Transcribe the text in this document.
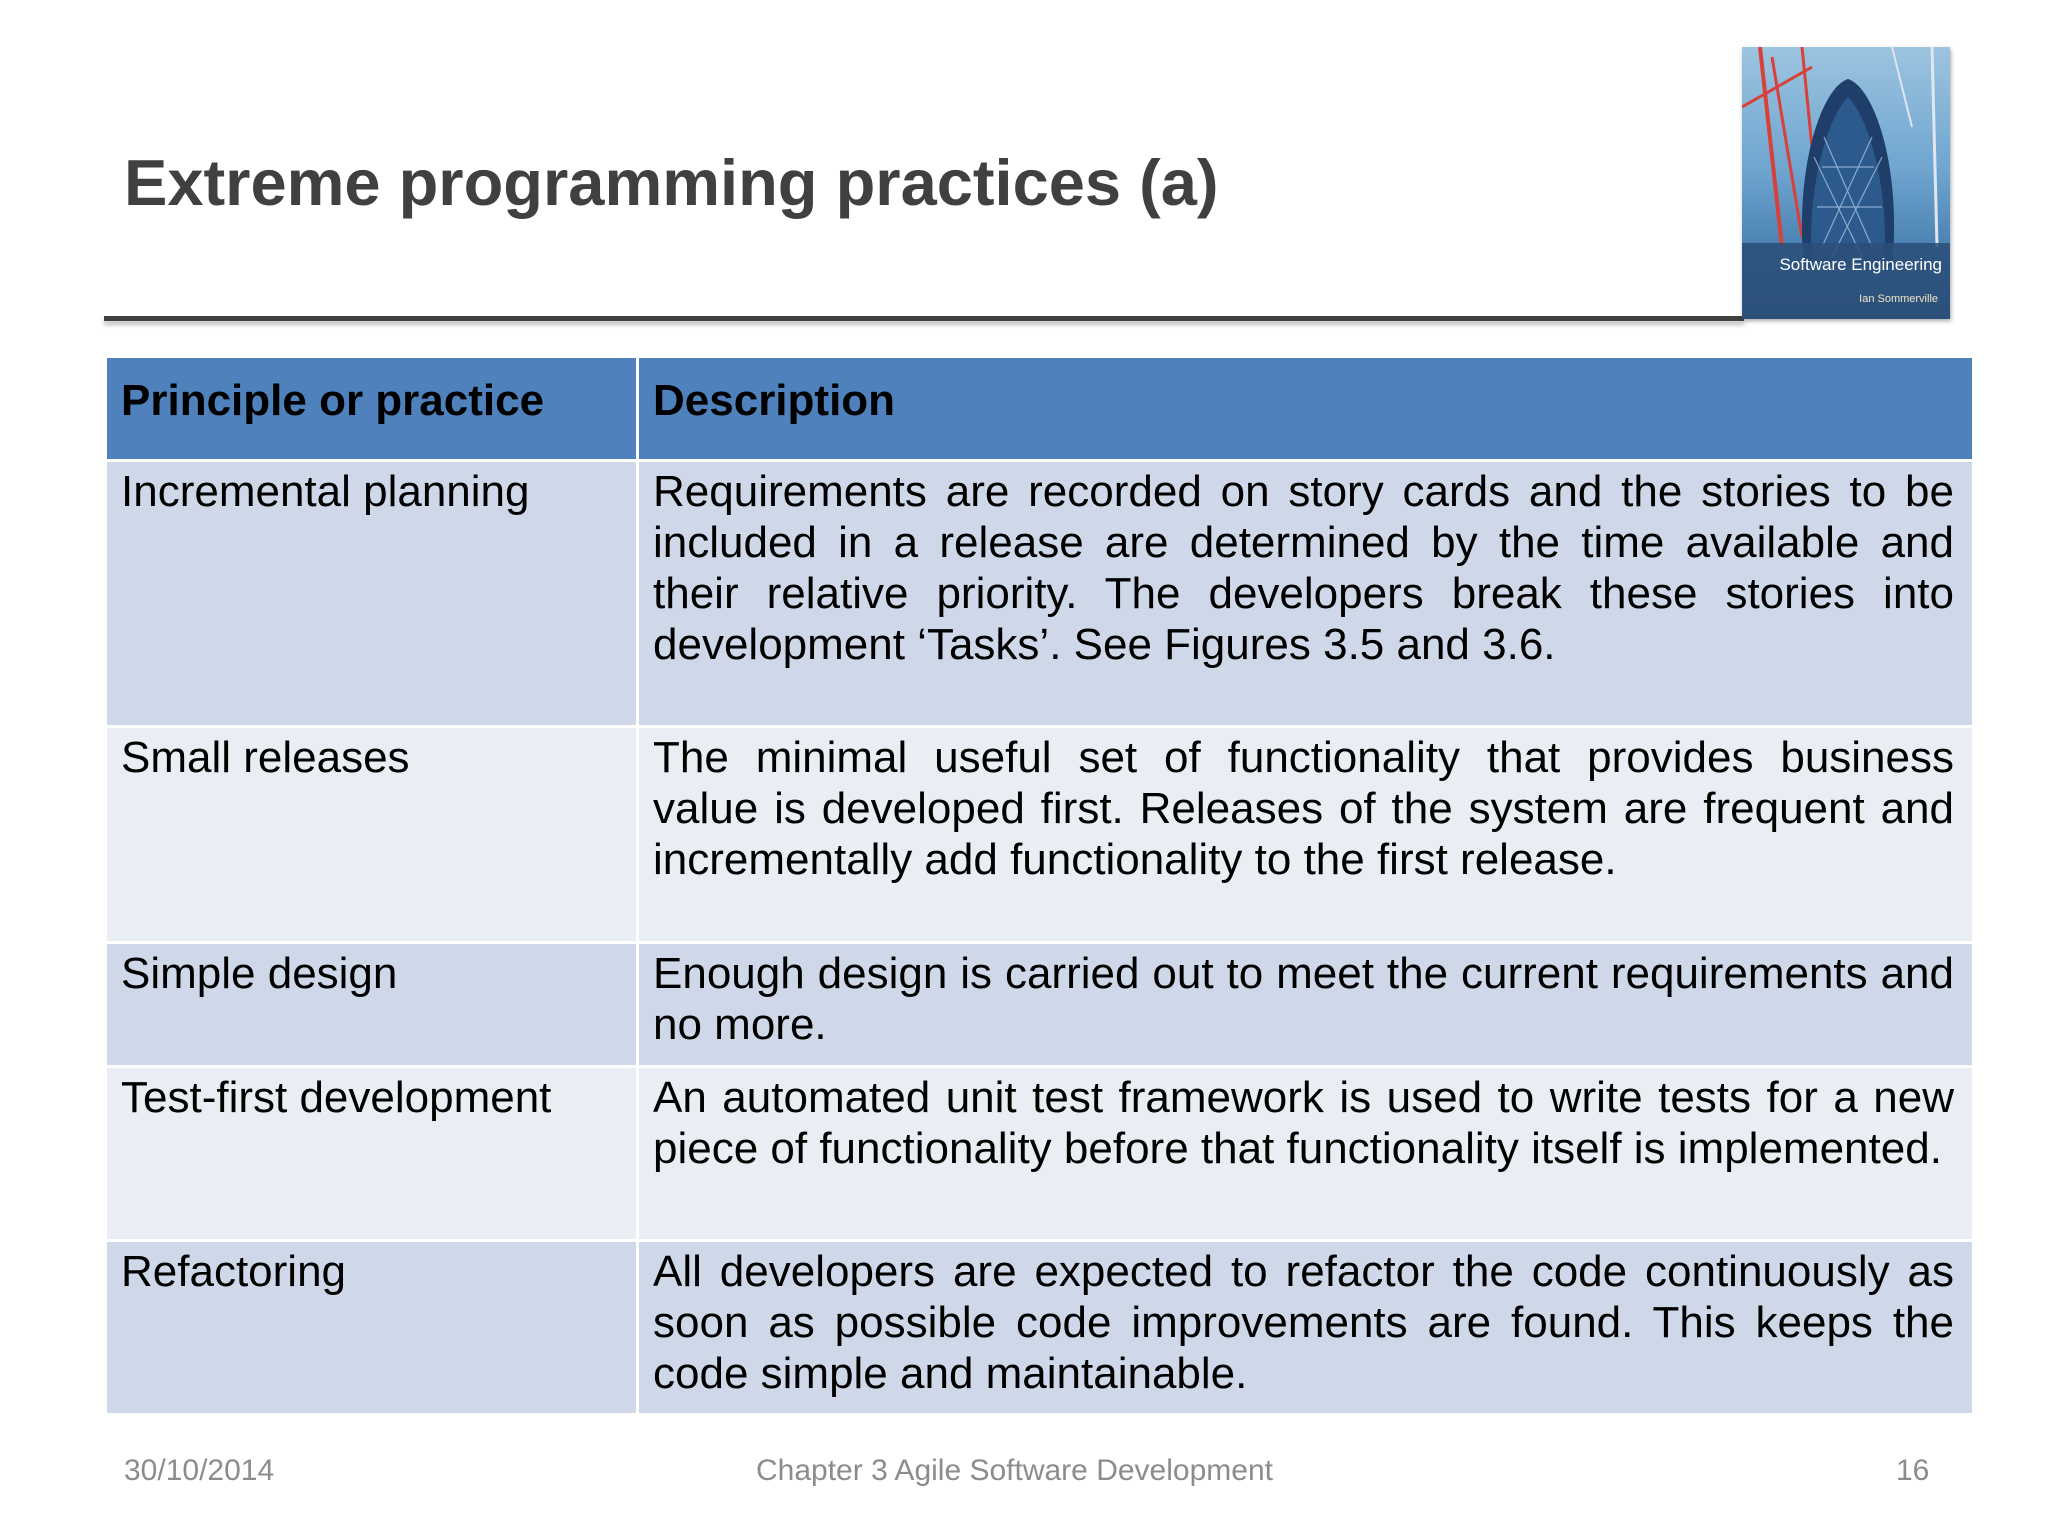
Extreme programming practices (a)
Software Engineering
Ian Sommerville
Principle or practice	Description
Incremental planning	Requirements are recorded on story cards and the stories to be included in a release are determined by the time available and their relative priority. The developers break these stories into development ‘Tasks’. See Figures 3.5 and 3.6.
Small releases	The minimal useful set of functionality that provides business value is developed first. Releases of the system are frequent and incrementally add functionality to the first release.
Simple design	Enough design is carried out to meet the current requirements and no more.
Test-first development	An automated unit test framework is used to write tests for a new piece of functionality before that functionality itself is implemented.
Refactoring	All developers are expected to refactor the code continuously as soon as possible code improvements are found. This keeps the code simple and maintainable.
30/10/2014	Chapter 3 Agile Software Development	16
